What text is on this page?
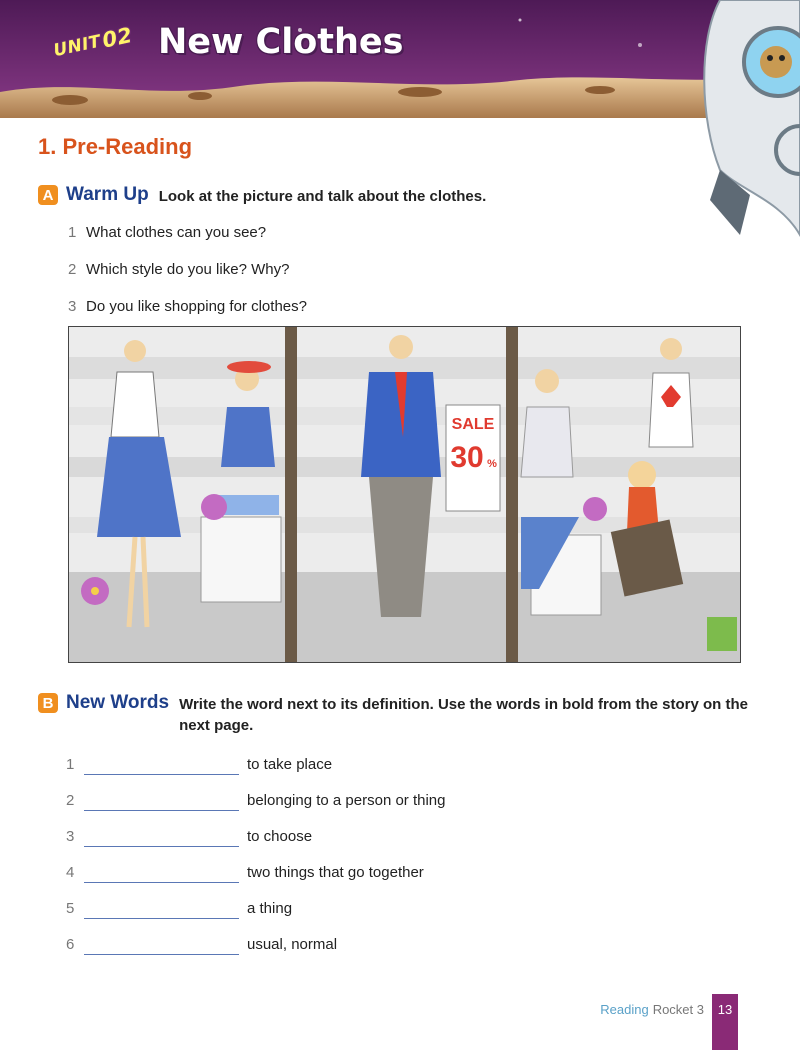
UNIT
02 New Clothes
1. Pre-Reading
A Warm Up Look at the picture and talk about the clothes.
1 What clothes can you see?
2 Which style do you like? Why?
3 Do you like shopping for clothes?
SALE
30 %
B New Words Write the word next to its definition. Use the words in bold from the story on the next page.
1	to take place
2	belonging to a person or thing
3	to choose
4	two things that go together
5	a thing
6	usual, normal
Reading Rocket 3	13
